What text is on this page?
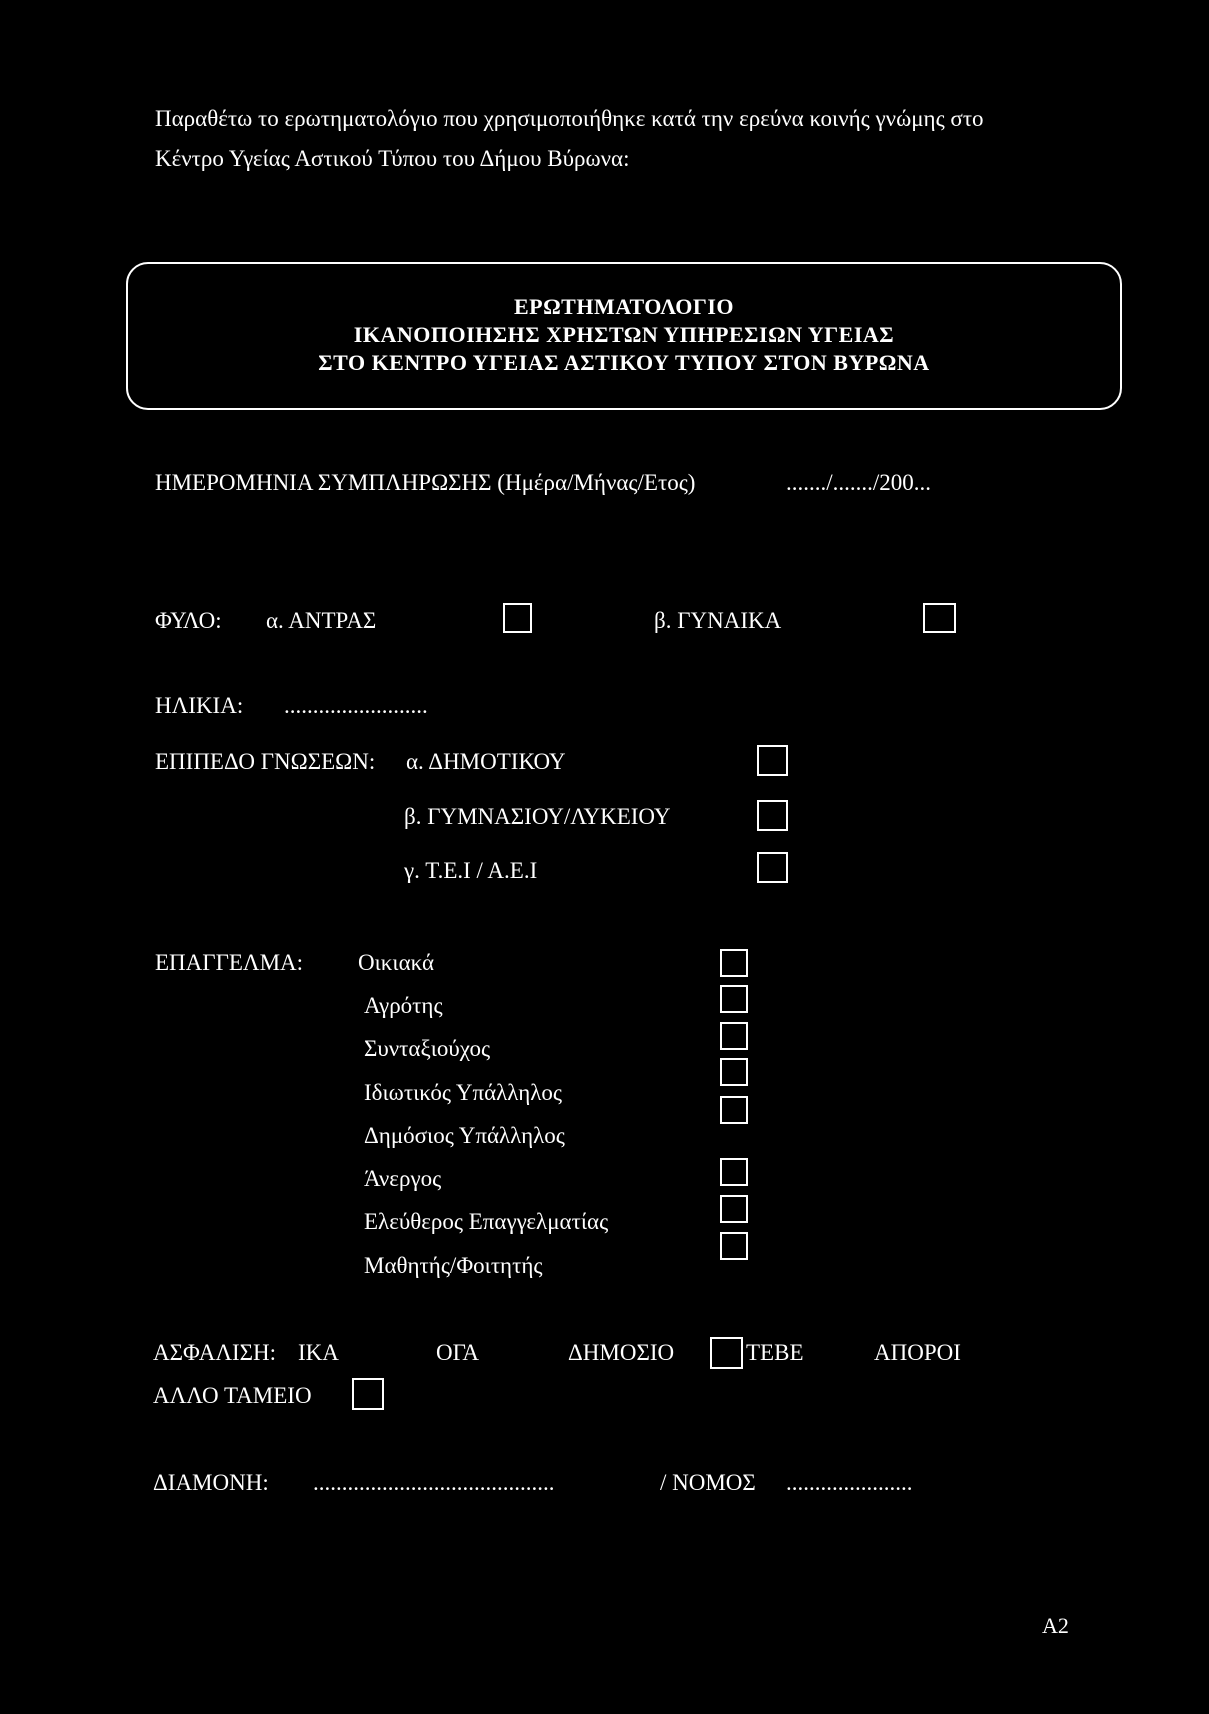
Παραθέτω το ερωτηματολόγιο που χρησιμοποιήθηκε κατά την ερεύνα κοινής γνώμης στο
Κέντρο Υγείας Αστικού Τύπου του Δήμου Βύρωνα:
ΕΡΩΤΗΜΑΤΟΛΟΓΙΟ
ΙΚΑΝΟΠΟΙΗΣΗΣ ΧΡΗΣΤΩΝ ΥΠΗΡΕΣΙΩΝ ΥΓΕΙΑΣ
ΣΤΟ ΚΕΝΤΡΟ ΥΓΕΙΑΣ ΑΣΤΙΚΟΥ ΤΥΠΟΥ ΣΤΟΝ ΒΥΡΩΝΑ
ΗΜΕΡΟΜΗΝΙΑ ΣΥΜΠΛΗΡΩΣΗΣ (Ημέρα/Μήνας/Ετος)	......./......./200...
ΦΥΛΟ: α. ΑΝΤΡΑΣ	β. ΓΥΝΑΙΚΑ
ΗΛΙΚΙΑ: .........................
ΕΠΙΠΕΔΟ ΓΝΩΣΕΩΝ: α. ΔΗΜΟΤΙΚΟΥ
β. ΓΥΜΝΑΣΙΟΥ/ΛΥΚΕΙΟΥ
γ. Τ.Ε.Ι / Α.Ε.Ι
ΕΠΑΓΓΕΛΜΑ: Οικιακά
Αγρότης
Συνταξιούχος
Ιδιωτικός Υπάλληλος
Δημόσιος Υπάλληλος
Άνεργος
Ελεύθερος Επαγγελματίας
Μαθητής/Φοιτητής
ΑΣΦΑΛΙΣΗ: ΙΚΑ	ΟΓΑ	ΔΗΜΟΣΙΟ	ΤΕΒΕ	ΑΠΟΡΟΙ
ΑΛΛΟ ΤΑΜΕΙΟ
ΔΙΑΜΟΝΗ: ..........................................	/ ΝΟΜΟΣ ......................
Α2
